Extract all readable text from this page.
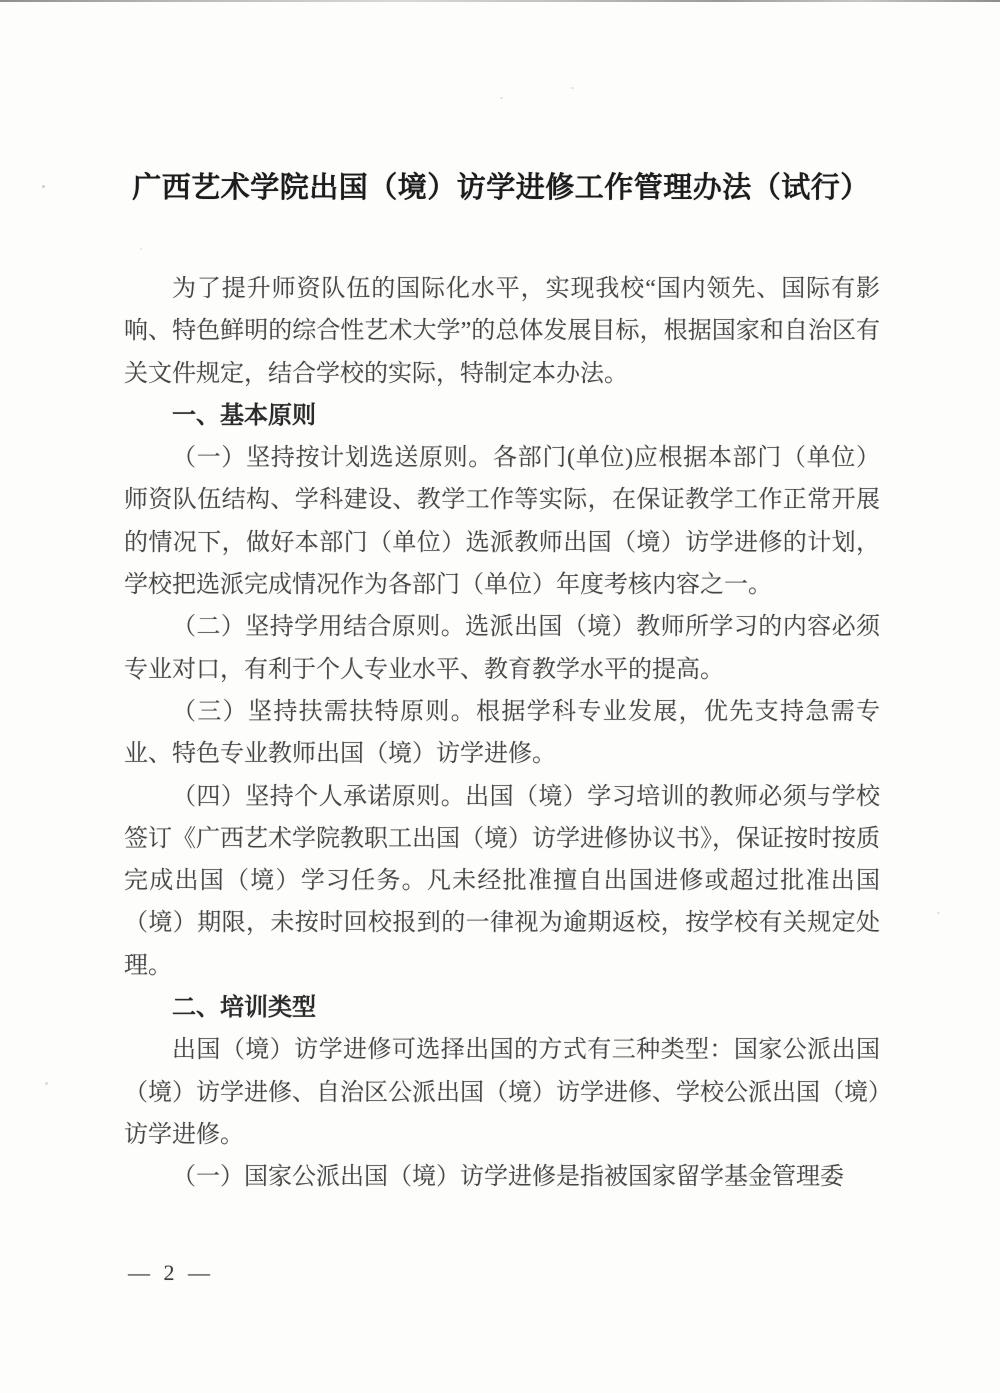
广西艺术学院出国（境）访学进修工作管理办法（试行）

为了提升师资队伍的国际化水平，实现我校“国内领先、国际有影响、特色鲜明的综合性艺术大学”的总体发展目标，根据国家和自治区有关文件规定，结合学校的实际，特制定本办法。

一、基本原则

（一）坚持按计划选送原则。各部门(单位)应根据本部门（单位）师资队伍结构、学科建设、教学工作等实际，在保证教学工作正常开展的情况下，做好本部门（单位）选派教师出国（境）访学进修的计划，学校把选派完成情况作为各部门（单位）年度考核内容之一。

（二）坚持学用结合原则。选派出国（境）教师所学习的内容必须专业对口，有利于个人专业水平、教育教学水平的提高。

（三）坚持扶需扶特原则。根据学科专业发展，优先支持急需专业、特色专业教师出国（境）访学进修。

（四）坚持个人承诺原则。出国（境）学习培训的教师必须与学校签订《广西艺术学院教职工出国（境）访学进修协议书》，保证按时按质完成出国（境）学习任务。凡未经批准擅自出国进修或超过批准出国（境）期限，未按时回校报到的一律视为逾期返校，按学校有关规定处理。

二、培训类型

出国（境）访学进修可选择出国的方式有三种类型：国家公派出国（境）访学进修、自治区公派出国（境）访学进修、学校公派出国（境）访学进修。

（一）国家公派出国（境）访学进修是指被国家留学基金管理委

— 2 —
